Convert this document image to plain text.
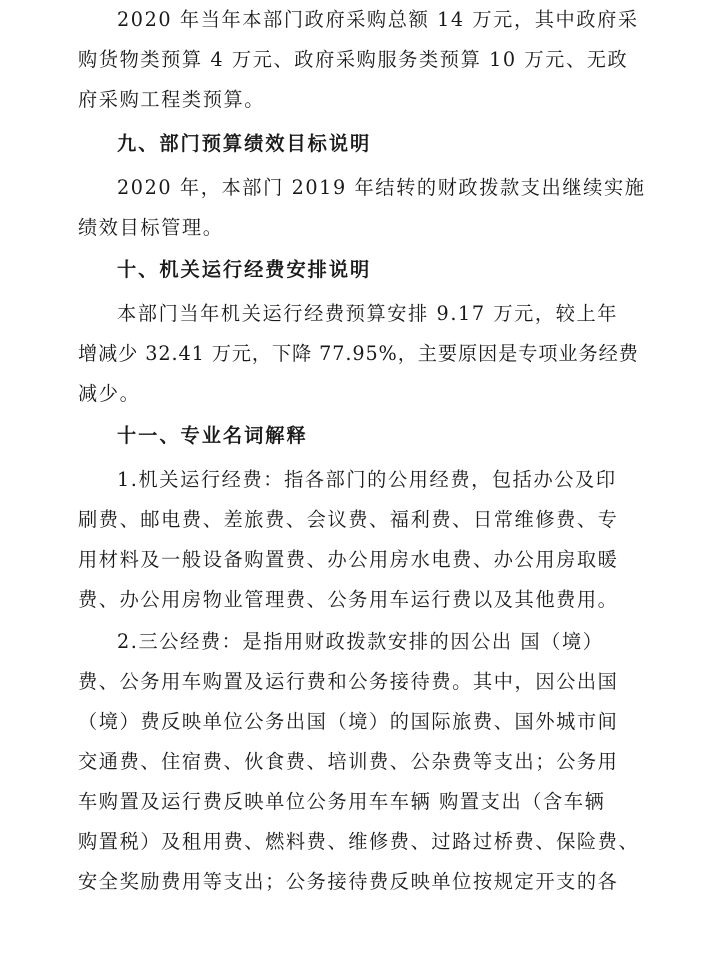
2020 年当年本部门政府采购总额 14 万元，其中政府采
购货物类预算 4 万元、政府采购服务类预算 10 万元、无政
府采购工程类预算。
九、部门预算绩效目标说明
2020 年，本部门 2019 年结转的财政拨款支出继续实施
绩效目标管理。
十、机关运行经费安排说明
本部门当年机关运行经费预算安排 9.17 万元，较上年
增减少 32.41 万元，下降 77.95%，主要原因是专项业务经费
减少。
十一、专业名词解释
1.机关运行经费：指各部门的公用经费，包括办公及印
刷费、邮电费、差旅费、会议费、福利费、日常维修费、专
用材料及一般设备购置费、办公用房水电费、办公用房取暖
费、办公用房物业管理费、公务用车运行费以及其他费用。
2.三公经费：是指用财政拨款安排的因公出 国（境）
费、公务用车购置及运行费和公务接待费。其中，因公出国
（境）费反映单位公务出国（境）的国际旅费、国外城市间
交通费、住宿费、伙食费、培训费、公杂费等支出；公务用
车购置及运行费反映单位公务用车车辆 购置支出（含车辆
购置税）及租用费、燃料费、维修费、过路过桥费、保险费、
安全奖励费用等支出；公务接待费反映单位按规定开支的各
